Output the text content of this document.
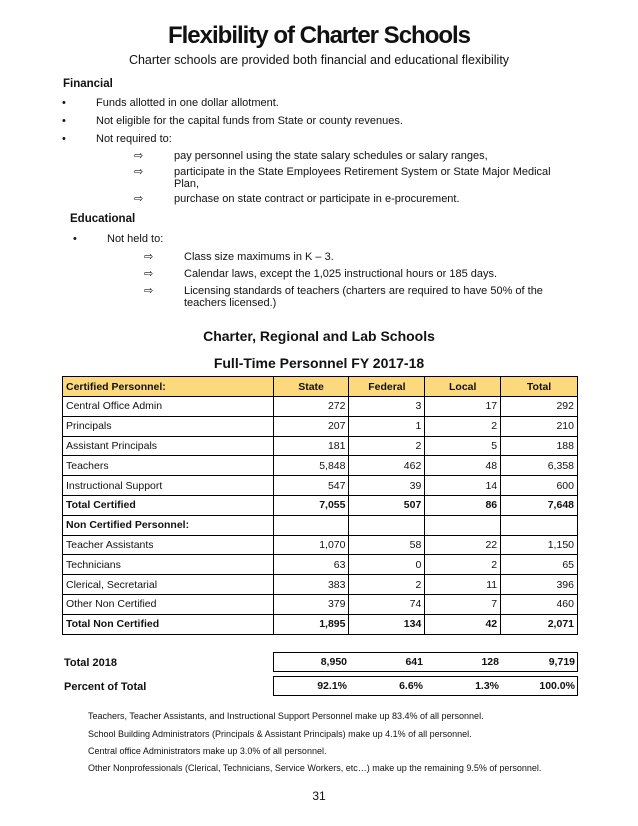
Flexibility of Charter Schools
Charter schools are provided both financial and educational flexibility
Financial
•	Funds allotted in one dollar allotment.
•	Not eligible for the capital funds from State or county revenues.
•	Not required to:
⇨	pay personnel using the state salary schedules or salary ranges,
⇨	participate in the State Employees Retirement System or State Major Medical Plan,
⇨	purchase on state contract or participate in e-procurement.
Educational
•	Not held to:
⇨	Class size maximums in K – 3.
⇨	Calendar laws, except the 1,025 instructional hours or 185 days.
⇨	Licensing standards of teachers (charters are required to have 50% of the teachers licensed.)
Charter, Regional and Lab Schools
Full-Time Personnel FY 2017-18
Certified Personnel:	State	Federal	Local	Total
Central Office Admin	272	3	17	292
Principals	207	1	2	210
Assistant Principals	181	2	5	188
Teachers	5,848	462	48	6,358
Instructional Support	547	39	14	600
Total Certified	7,055	507	86	7,648
Non Certified Personnel:				
Teacher Assistants	1,070	58	22	1,150
Technicians	63	0	2	65
Clerical, Secretarial	383	2	11	396
Other Non Certified	379	74	7	460
Total Non Certified	1,895	134	42	2,071
Total 2018	8,950	641	128	9,719
Percent of Total	92.1%	6.6%	1.3%	100.0%
Teachers, Teacher Assistants, and Instructional Support Personnel make up 83.4% of all personnel.
School Building Administrators (Principals & Assistant Principals) make up 4.1% of all personnel.
Central office Administrators make up 3.0% of all personnel.
Other Nonprofessionals (Clerical, Technicians, Service Workers, etc…) make up the remaining 9.5% of personnel.
31
